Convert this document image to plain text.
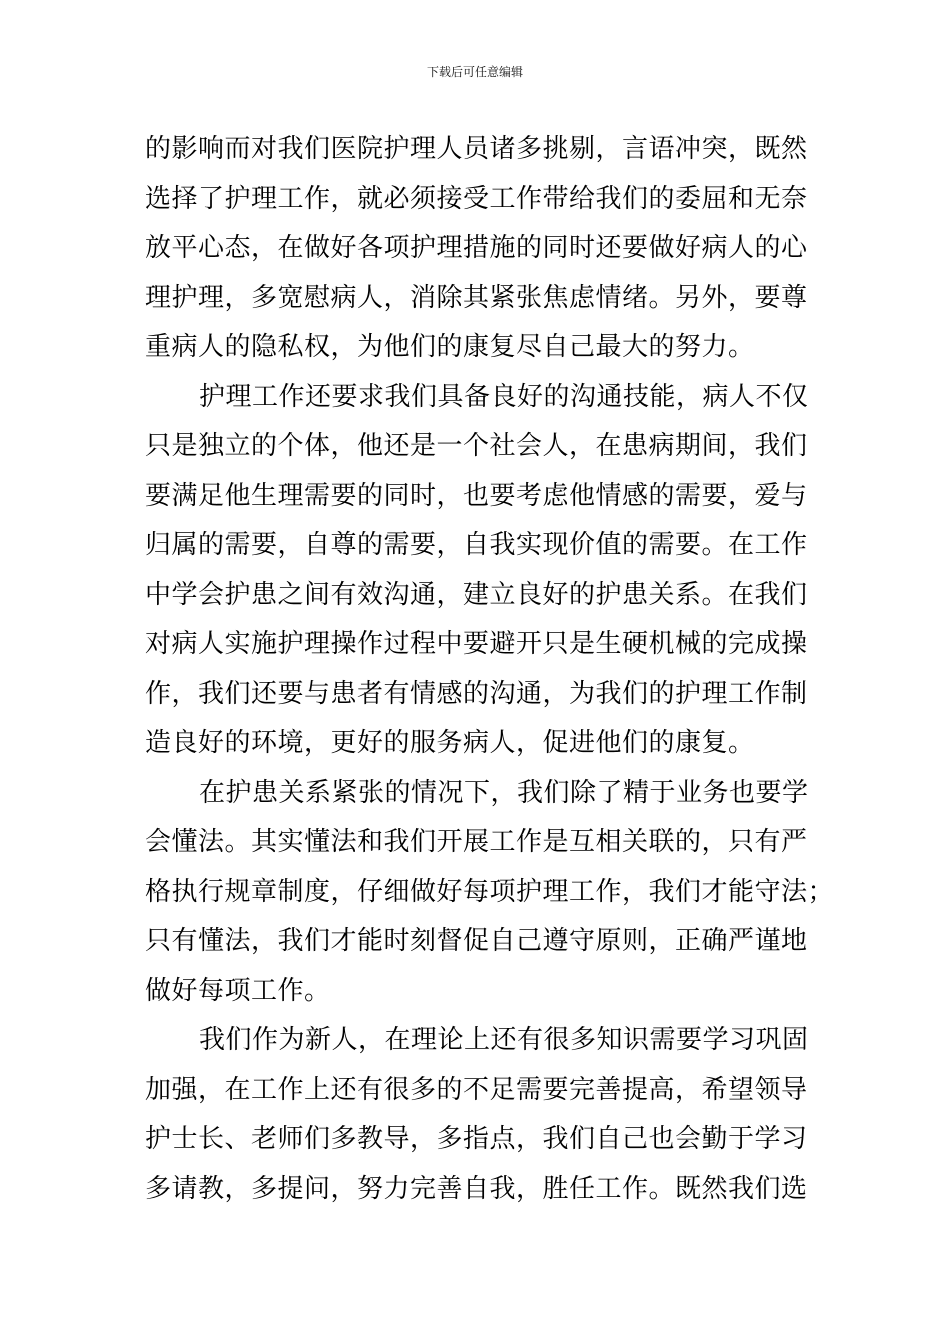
下载后可任意编辑
的影响而对我们医院护理人员诸多挑剔，言语冲突，既然
选择了护理工作，就必须接受工作带给我们的委屈和无奈
放平心态，在做好各项护理措施的同时还要做好病人的心
理护理，多宽慰病人，消除其紧张焦虑情绪。另外，要尊
重病人的隐私权，为他们的康复尽自己最大的努力。
护理工作还要求我们具备良好的沟通技能，病人不仅
只是独立的个体，他还是一个社会人，在患病期间，我们
要满足他生理需要的同时，也要考虑他情感的需要，爱与
归属的需要，自尊的需要，自我实现价值的需要。在工作
中学会护患之间有效沟通，建立良好的护患关系。在我们
对病人实施护理操作过程中要避开只是生硬机械的完成操
作，我们还要与患者有情感的沟通，为我们的护理工作制
造良好的环境，更好的服务病人，促进他们的康复。
在护患关系紧张的情况下，我们除了精于业务也要学
会懂法。其实懂法和我们开展工作是互相关联的，只有严
格执行规章制度，仔细做好每项护理工作，我们才能守法；
只有懂法，我们才能时刻督促自己遵守原则，正确严谨地
做好每项工作。
我们作为新人，在理论上还有很多知识需要学习巩固
加强，在工作上还有很多的不足需要完善提高，希望领导
护士长、老师们多教导，多指点，我们自己也会勤于学习
多请教，多提问，努力完善自我，胜任工作。既然我们选
